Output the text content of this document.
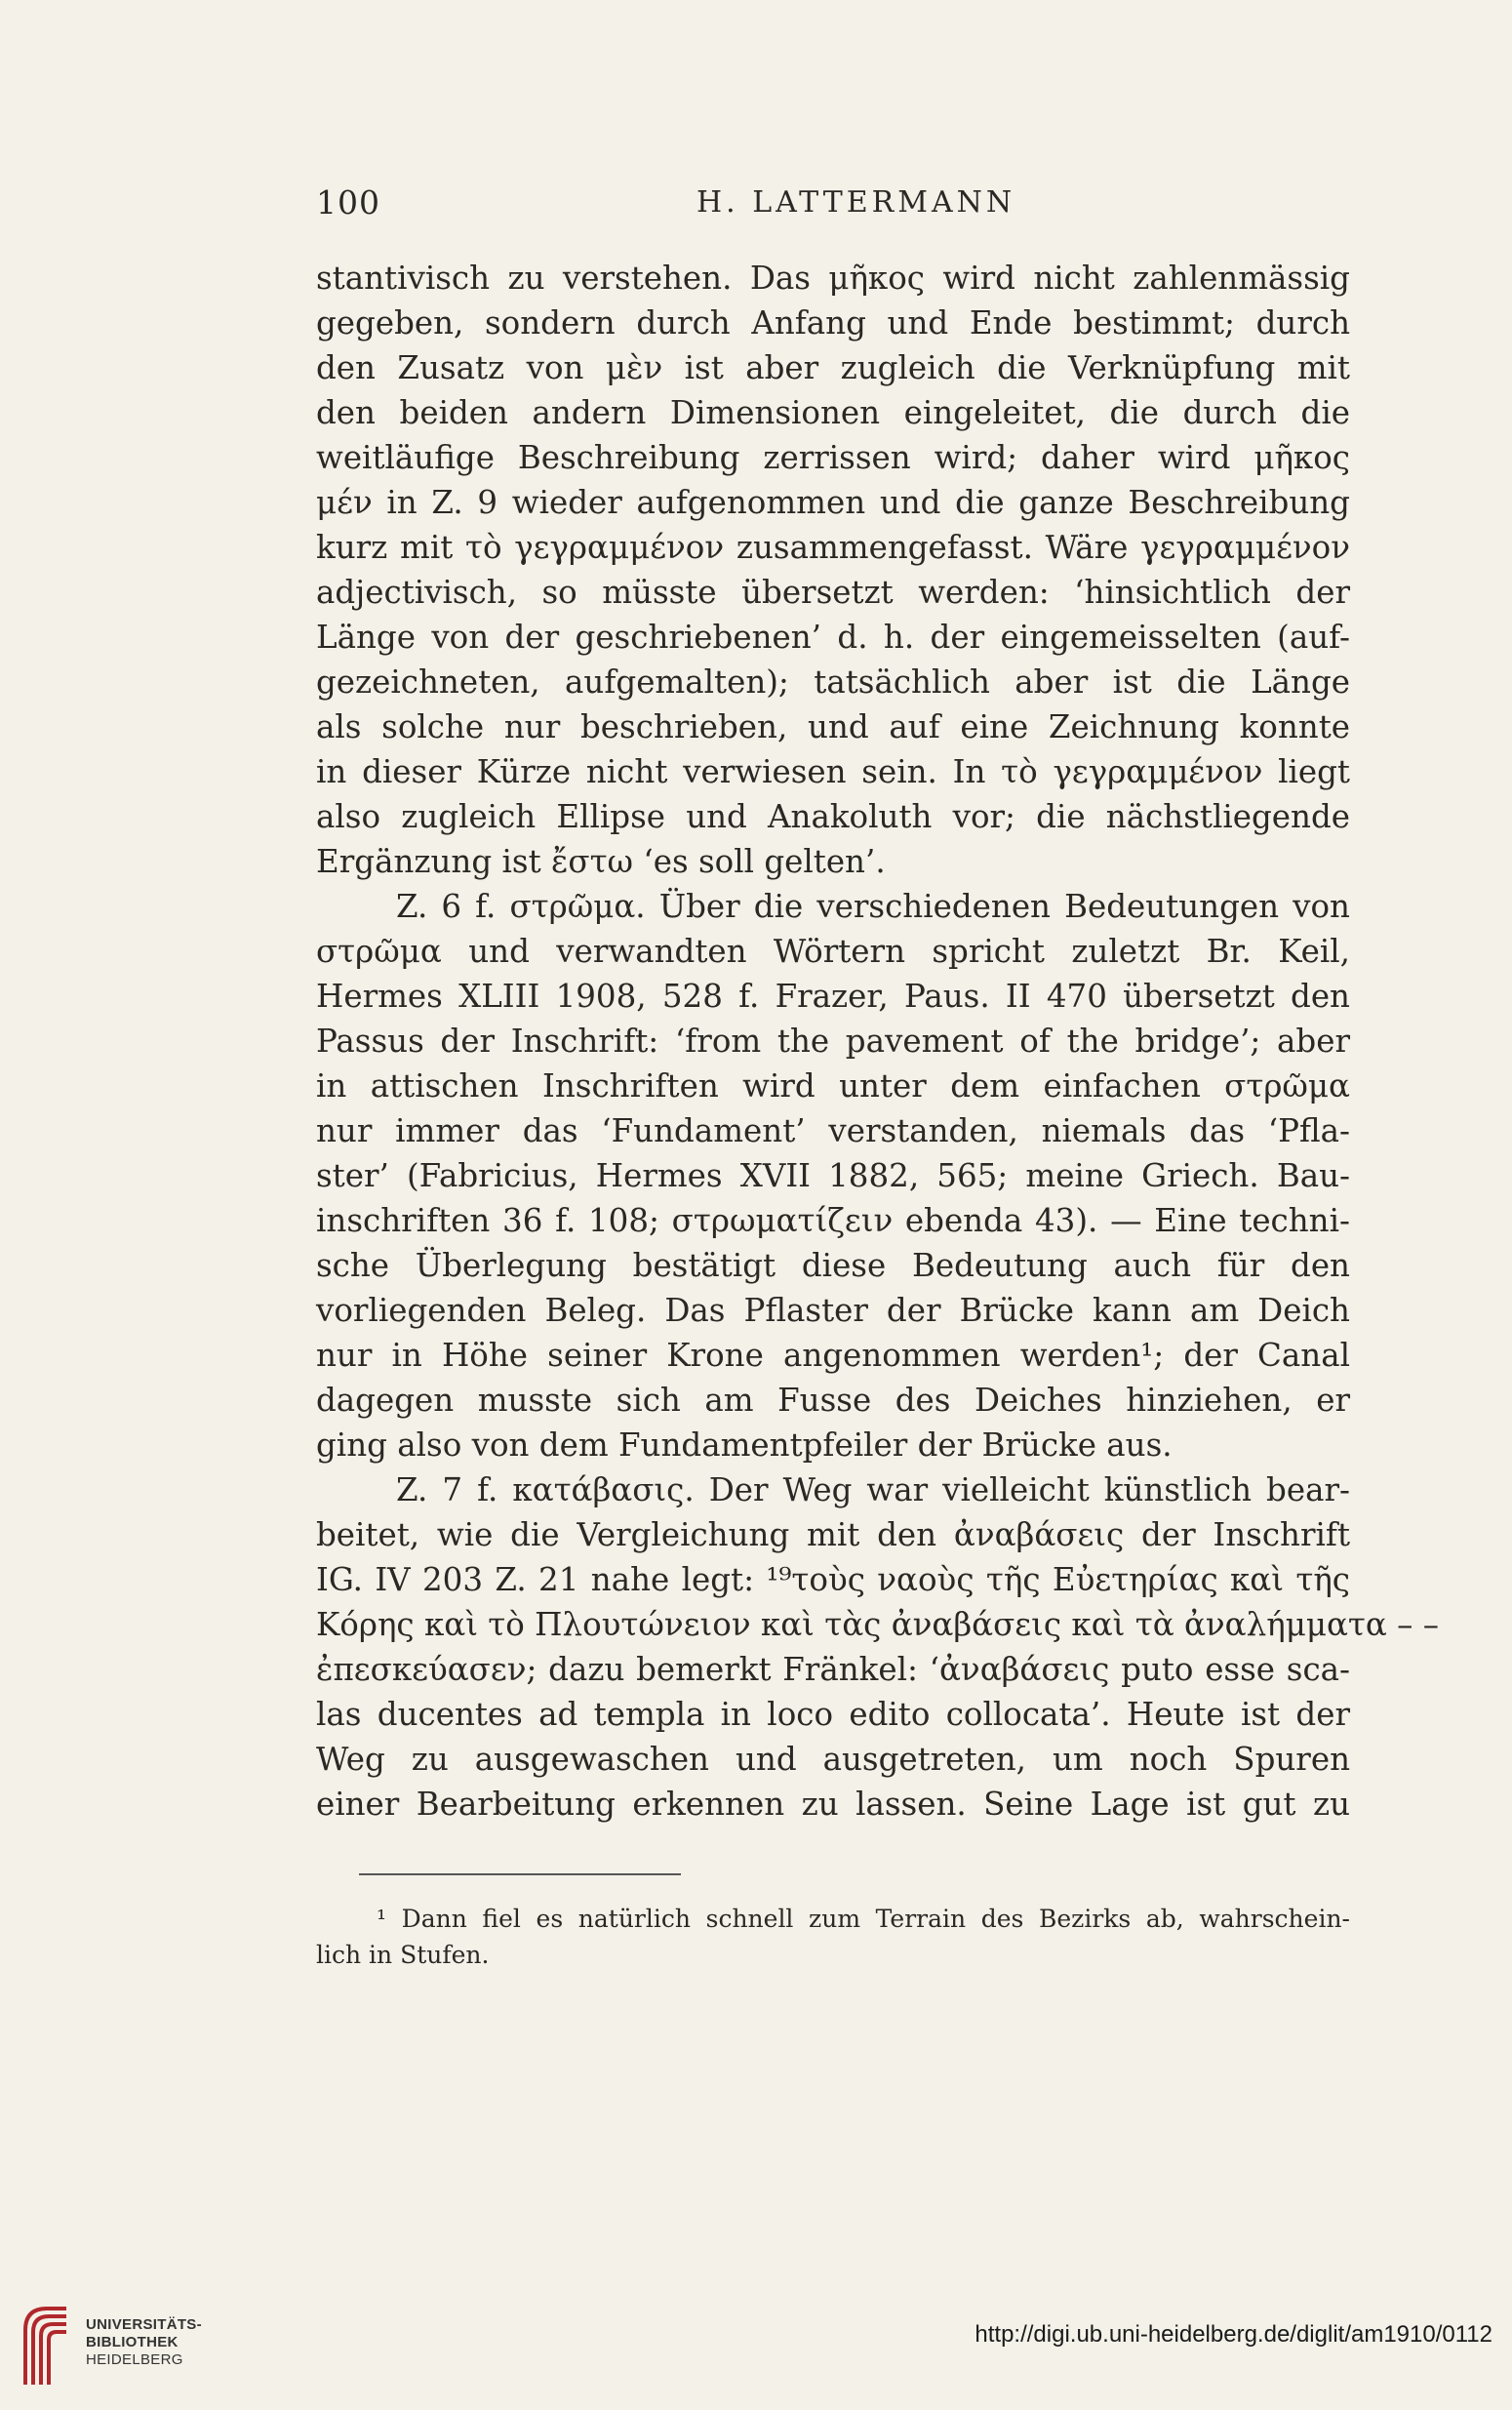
100	H. LATTERMANN
stantivisch zu verstehen. Das μῆκος wird nicht zahlenmässig
gegeben, sondern durch Anfang und Ende bestimmt; durch
den Zusatz von μὲν ist aber zugleich die Verknüpfung mit
den beiden andern Dimensionen eingeleitet, die durch die
weitläufige Beschreibung zerrissen wird; daher wird μῆκος
μέν in Z. 9 wieder aufgenommen und die ganze Beschreibung
kurz mit τὸ γεγραμμένον zusammengefasst. Wäre γεγραμμένον
adjectivisch, so müsste übersetzt werden: ‘hinsichtlich der
Länge von der geschriebenen’ d. h. der eingemeisselten (auf-
gezeichneten, aufgemalten); tatsächlich aber ist die Länge
als solche nur beschrieben, und auf eine Zeichnung konnte
in dieser Kürze nicht verwiesen sein. In τὸ γεγραμμένον liegt
also zugleich Ellipse und Anakoluth vor; die nächstliegende
Ergänzung ist ἔστω ‘es soll gelten’.
Z. 6 f. στρῶμα. Über die verschiedenen Bedeutungen von
στρῶμα und verwandten Wörtern spricht zuletzt Br. Keil,
Hermes XLIII 1908, 528 f. Frazer, Paus. II 470 übersetzt den
Passus der Inschrift: ‘from the pavement of the bridge’; aber
in attischen Inschriften wird unter dem einfachen στρῶμα
nur immer das ‘Fundament’ verstanden, niemals das ‘Pfla-
ster’ (Fabricius, Hermes XVII 1882, 565; meine Griech. Bau-
inschriften 36 f. 108; στρωματίζειν ebenda 43). — Eine techni-
sche Überlegung bestätigt diese Bedeutung auch für den
vorliegenden Beleg. Das Pflaster der Brücke kann am Deich
nur in Höhe seiner Krone angenommen werden¹; der Canal
dagegen musste sich am Fusse des Deiches hinziehen, er
ging also von dem Fundamentpfeiler der Brücke aus.
Z. 7 f. κατάβασις. Der Weg war vielleicht künstlich bear-
beitet, wie die Vergleichung mit den ἀναβάσεις der Inschrift
IG. IV 203 Z. 21 nahe legt: ¹⁹τοὺς ναοὺς τῆς Εὐετηρίας καὶ τῆς
Κόρης καὶ τὸ Πλουτώνειον καὶ τὰς ἀναβάσεις καὶ τὰ ἀναλήμματα – –
ἐπεσκεύασεν; dazu bemerkt Fränkel: ‘ἀναβάσεις puto esse sca-
las ducentes ad templa in loco edito collocata’. Heute ist der
Weg zu ausgewaschen und ausgetreten, um noch Spuren
einer Bearbeitung erkennen zu lassen. Seine Lage ist gut zu
¹ Dann fiel es natürlich schnell zum Terrain des Bezirks ab, wahrschein-
lich in Stufen.
UNIVERSITÄTS-
BIBLIOTHEK
HEIDELBERG
http://digi.ub.uni-heidelberg.de/diglit/am1910/0112
